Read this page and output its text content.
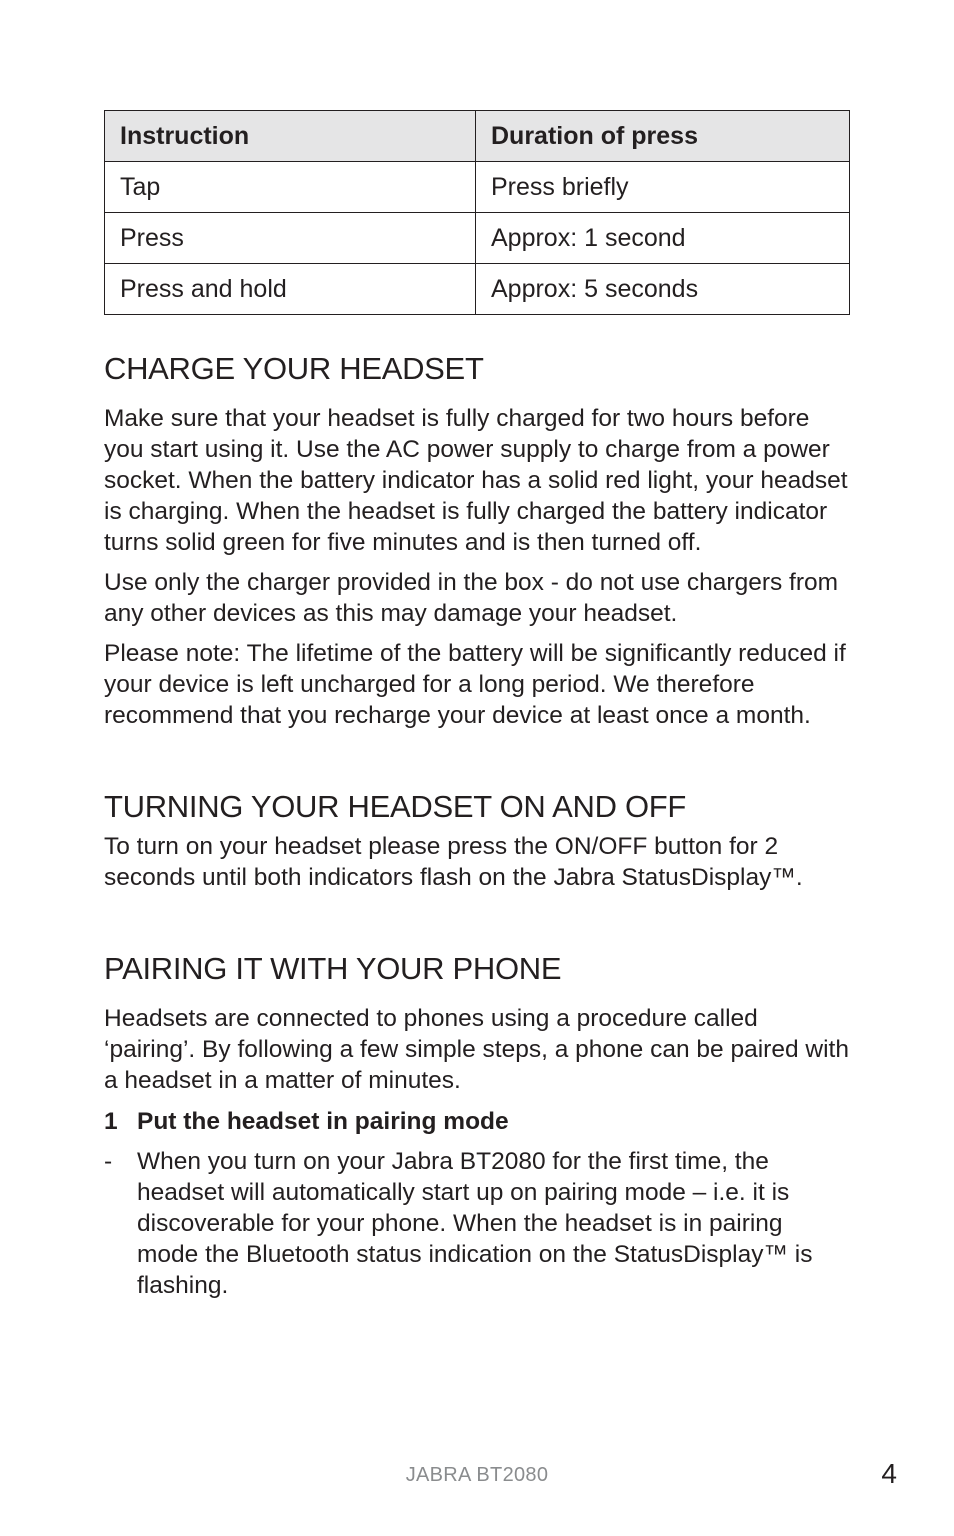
Instruction	Duration of press
Tap	Press briefly
Press	Approx: 1 second
Press and hold	Approx: 5 seconds
CHARGE YOUR HEADSET

Make sure that your headset is fully charged for two hours before you start using it. Use the AC power supply to charge from a power socket. When the battery indicator has a solid red light, your headset is charging. When the headset is fully charged the battery indicator turns solid green for five minutes and is then turned off.

Use only the charger provided in the box - do not use chargers from any other devices as this may damage your headset.

Please note: The lifetime of the battery will be significantly reduced if your device is left uncharged for a long period. We therefore recommend that you recharge your device at least once a month.

TURNING YOUR HEADSET ON AND OFF

To turn on your headset please press the ON/OFF button for 2 seconds until both indicators flash on the Jabra StatusDisplay™.

PAIRING IT WITH YOUR PHONE

Headsets are connected to phones using a procedure called ‘pairing’. By following a few simple steps, a phone can be paired with a headset in a matter of minutes.

1 Put the headset in pairing mode
-	When you turn on your Jabra BT2080 for the first time, the headset will automatically start up on pairing mode – i.e. it is discoverable for your phone. When the headset is in pairing mode the Bluetooth status indication on the StatusDisplay™ is flashing.
JABRA BT2080	4
